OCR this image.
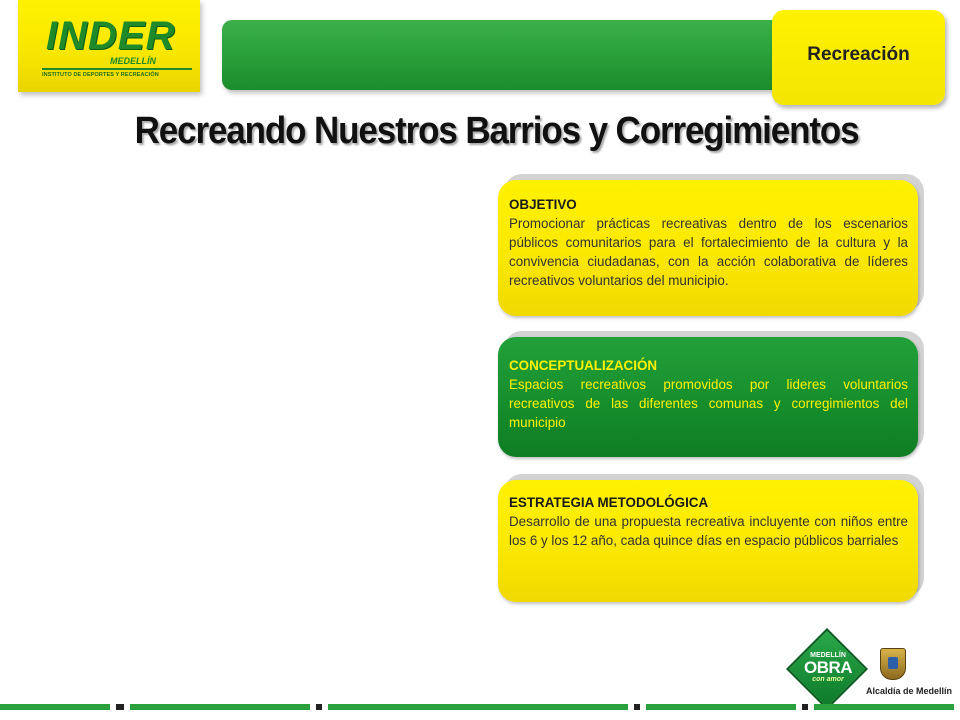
INDER
MEDELLÍN
INSTITUTO DE DEPORTES Y RECREACIÓN
Recreación
Recreando Nuestros Barrios y Corregimientos
OBJETIVO

Promocionar prácticas recreativas dentro de los escenarios públicos comunitarios para el fortalecimiento de la cultura y la convivencia ciudadanas, con la acción colaborativa de líderes recreativos voluntarios del municipio.

CONCEPTUALIZACIÓN

Espacios recreativos promovidos por lideres voluntarios recreativos de las diferentes comunas y corregimientos del municipio

ESTRATEGIA METODOLÓGICA

Desarrollo de una propuesta recreativa incluyente con niños entre los 6 y los 12 año, cada quince días en espacio públicos barriales

MEDELLÍN
OBRA
con amor
Alcaldía de Medellín
